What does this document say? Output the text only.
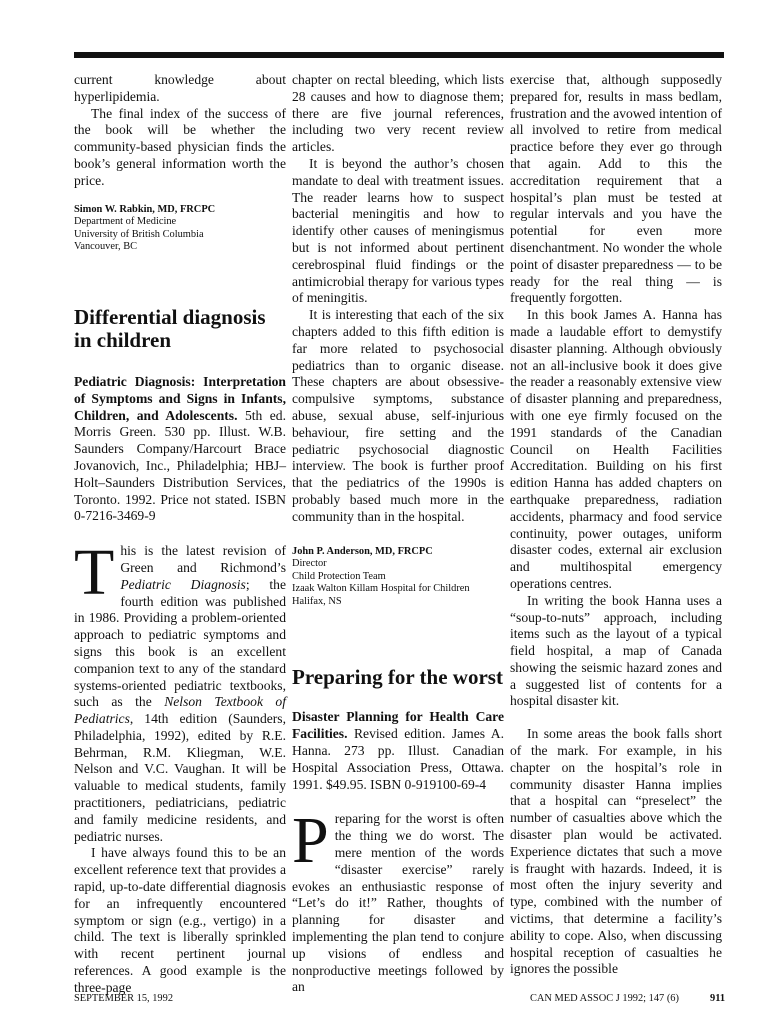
current knowledge about hyperlipidemia.

The final index of the success of the book will be whether the community-based physician finds the book’s general information worth the price.

Simon W. Rabkin, MD, FRCPC
Department of Medicine
University of British Columbia
Vancouver, BC
Differential diagnosis in children

Pediatric Diagnosis: Interpretation of Symptoms and Signs in Infants, Children, and Adolescents. 5th ed. Morris Green. 530 pp. Illust. W.B. Saunders Company/Harcourt Brace Jovanovich, Inc., Philadelphia; HBJ–Holt–Saunders Distribution Services, Toronto. 1992. Price not stated. ISBN 0-7216-3469-9

This is the latest revision of Green and Richmond’s Pediatric Diagnosis; the fourth edition was published in 1986. Providing a problem-oriented approach to pediatric symptoms and signs this book is an excellent companion text to any of the standard systems-oriented pediatric textbooks, such as the Nelson Textbook of Pediatrics, 14th edition (Saunders, Philadelphia, 1992), edited by R.E. Behrman, R.M. Kliegman, W.E. Nelson and V.C. Vaughan. It will be valuable to medical students, family practitioners, pediatricians, pediatric and family medicine residents, and pediatric nurses.

I have always found this to be an excellent reference text that provides a rapid, up-to-date differential diagnosis for an infrequently encountered symptom or sign (e.g., vertigo) in a child. The text is liberally sprinkled with recent pertinent journal references. A good example is the three-page

chapter on rectal bleeding, which lists 28 causes and how to diagnose them; there are five journal references, including two very recent review articles.

It is beyond the author’s chosen mandate to deal with treatment issues. The reader learns how to suspect bacterial meningitis and how to identify other causes of meningismus but is not informed about pertinent cerebrospinal fluid findings or the antimicrobial therapy for various types of meningitis.

It is interesting that each of the six chapters added to this fifth edition is far more related to psychosocial pediatrics than to organic disease. These chapters are about obsessive-compulsive symptoms, substance abuse, sexual abuse, self-injurious behaviour, fire setting and the pediatric psychosocial diagnostic interview. The book is further proof that the pediatrics of the 1990s is probably based much more in the community than in the hospital.

John P. Anderson, MD, FRCPC
Director
Child Protection Team
Izaak Walton Killam Hospital for Children
Halifax, NS
Preparing for the worst

Disaster Planning for Health Care Facilities. Revised edition. James A. Hanna. 273 pp. Illust. Canadian Hospital Association Press, Ottawa. 1991. $49.95. ISBN 0-919100-69-4

Preparing for the worst is often the thing we do worst. The mere mention of the words “disaster exercise” rarely evokes an enthusiastic response of “Let’s do it!” Rather, thoughts of planning for disaster and implementing the plan tend to conjure up visions of endless and nonproductive meetings followed by an

exercise that, although supposedly prepared for, results in mass bedlam, frustration and the avowed intention of all involved to retire from medical practice before they ever go through that again. Add to this the accreditation requirement that a hospital’s plan must be tested at regular intervals and you have the potential for even more disenchantment. No wonder the whole point of disaster preparedness — to be ready for the real thing — is frequently forgotten.

In this book James A. Hanna has made a laudable effort to demystify disaster planning. Although obviously not an all-inclusive book it does give the reader a reasonably extensive view of disaster planning and preparedness, with one eye firmly focused on the 1991 standards of the Canadian Council on Health Facilities Accreditation. Building on his first edition Hanna has added chapters on earthquake preparedness, radiation accidents, pharmacy and food service continuity, power outages, uniform disaster codes, external air exclusion and multihospital emergency operations centres.

In writing the book Hanna uses a “soup-to-nuts” approach, including items such as the layout of a typical field hospital, a map of Canada showing the seismic hazard zones and a suggested list of contents for a hospital disaster kit.

In some areas the book falls short of the mark. For example, in his chapter on the hospital’s role in community disaster Hanna implies that a hospital can “preselect” the number of casualties above which the disaster plan would be activated. Experience dictates that such a move is fraught with hazards. Indeed, it is most often the injury severity and type, combined with the number of victims, that determine a facility’s ability to cope. Also, when discussing hospital reception of casualties he ignores the possible

SEPTEMBER 15, 1992	CAN MED ASSOC J 1992; 147 (6)	911
